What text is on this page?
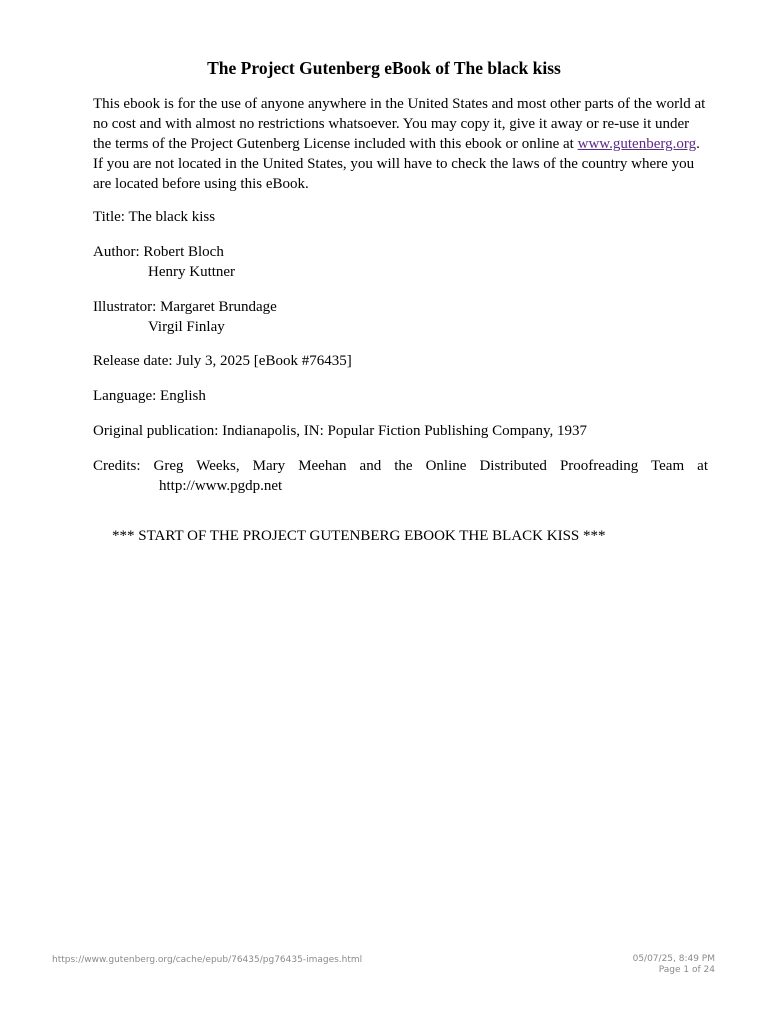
The Project Gutenberg eBook of The black kiss

This ebook is for the use of anyone anywhere in the United States and most other parts of the world at no cost and with almost no restrictions whatsoever. You may copy it, give it away or re-use it under the terms of the Project Gutenberg License included with this ebook or online at www.gutenberg.org. If you are not located in the United States, you will have to check the laws of the country where you are located before using this eBook.

Title: The black kiss

Author: Robert Bloch

Henry Kuttner

Illustrator: Margaret Brundage

Virgil Finlay

Release date: July 3, 2025 [eBook #76435]

Language: English

Original publication: Indianapolis, IN: Popular Fiction Publishing Company, 1937

Credits: Greg Weeks, Mary Meehan and the Online Distributed Proofreading Team at

http://www.pgdp.net

*** START OF THE PROJECT GUTENBERG EBOOK THE BLACK KISS ***

https://www.gutenberg.org/cache/epub/76435/pg76435-images.html	05/07/25, 8:49 PM
Page 1 of 24
